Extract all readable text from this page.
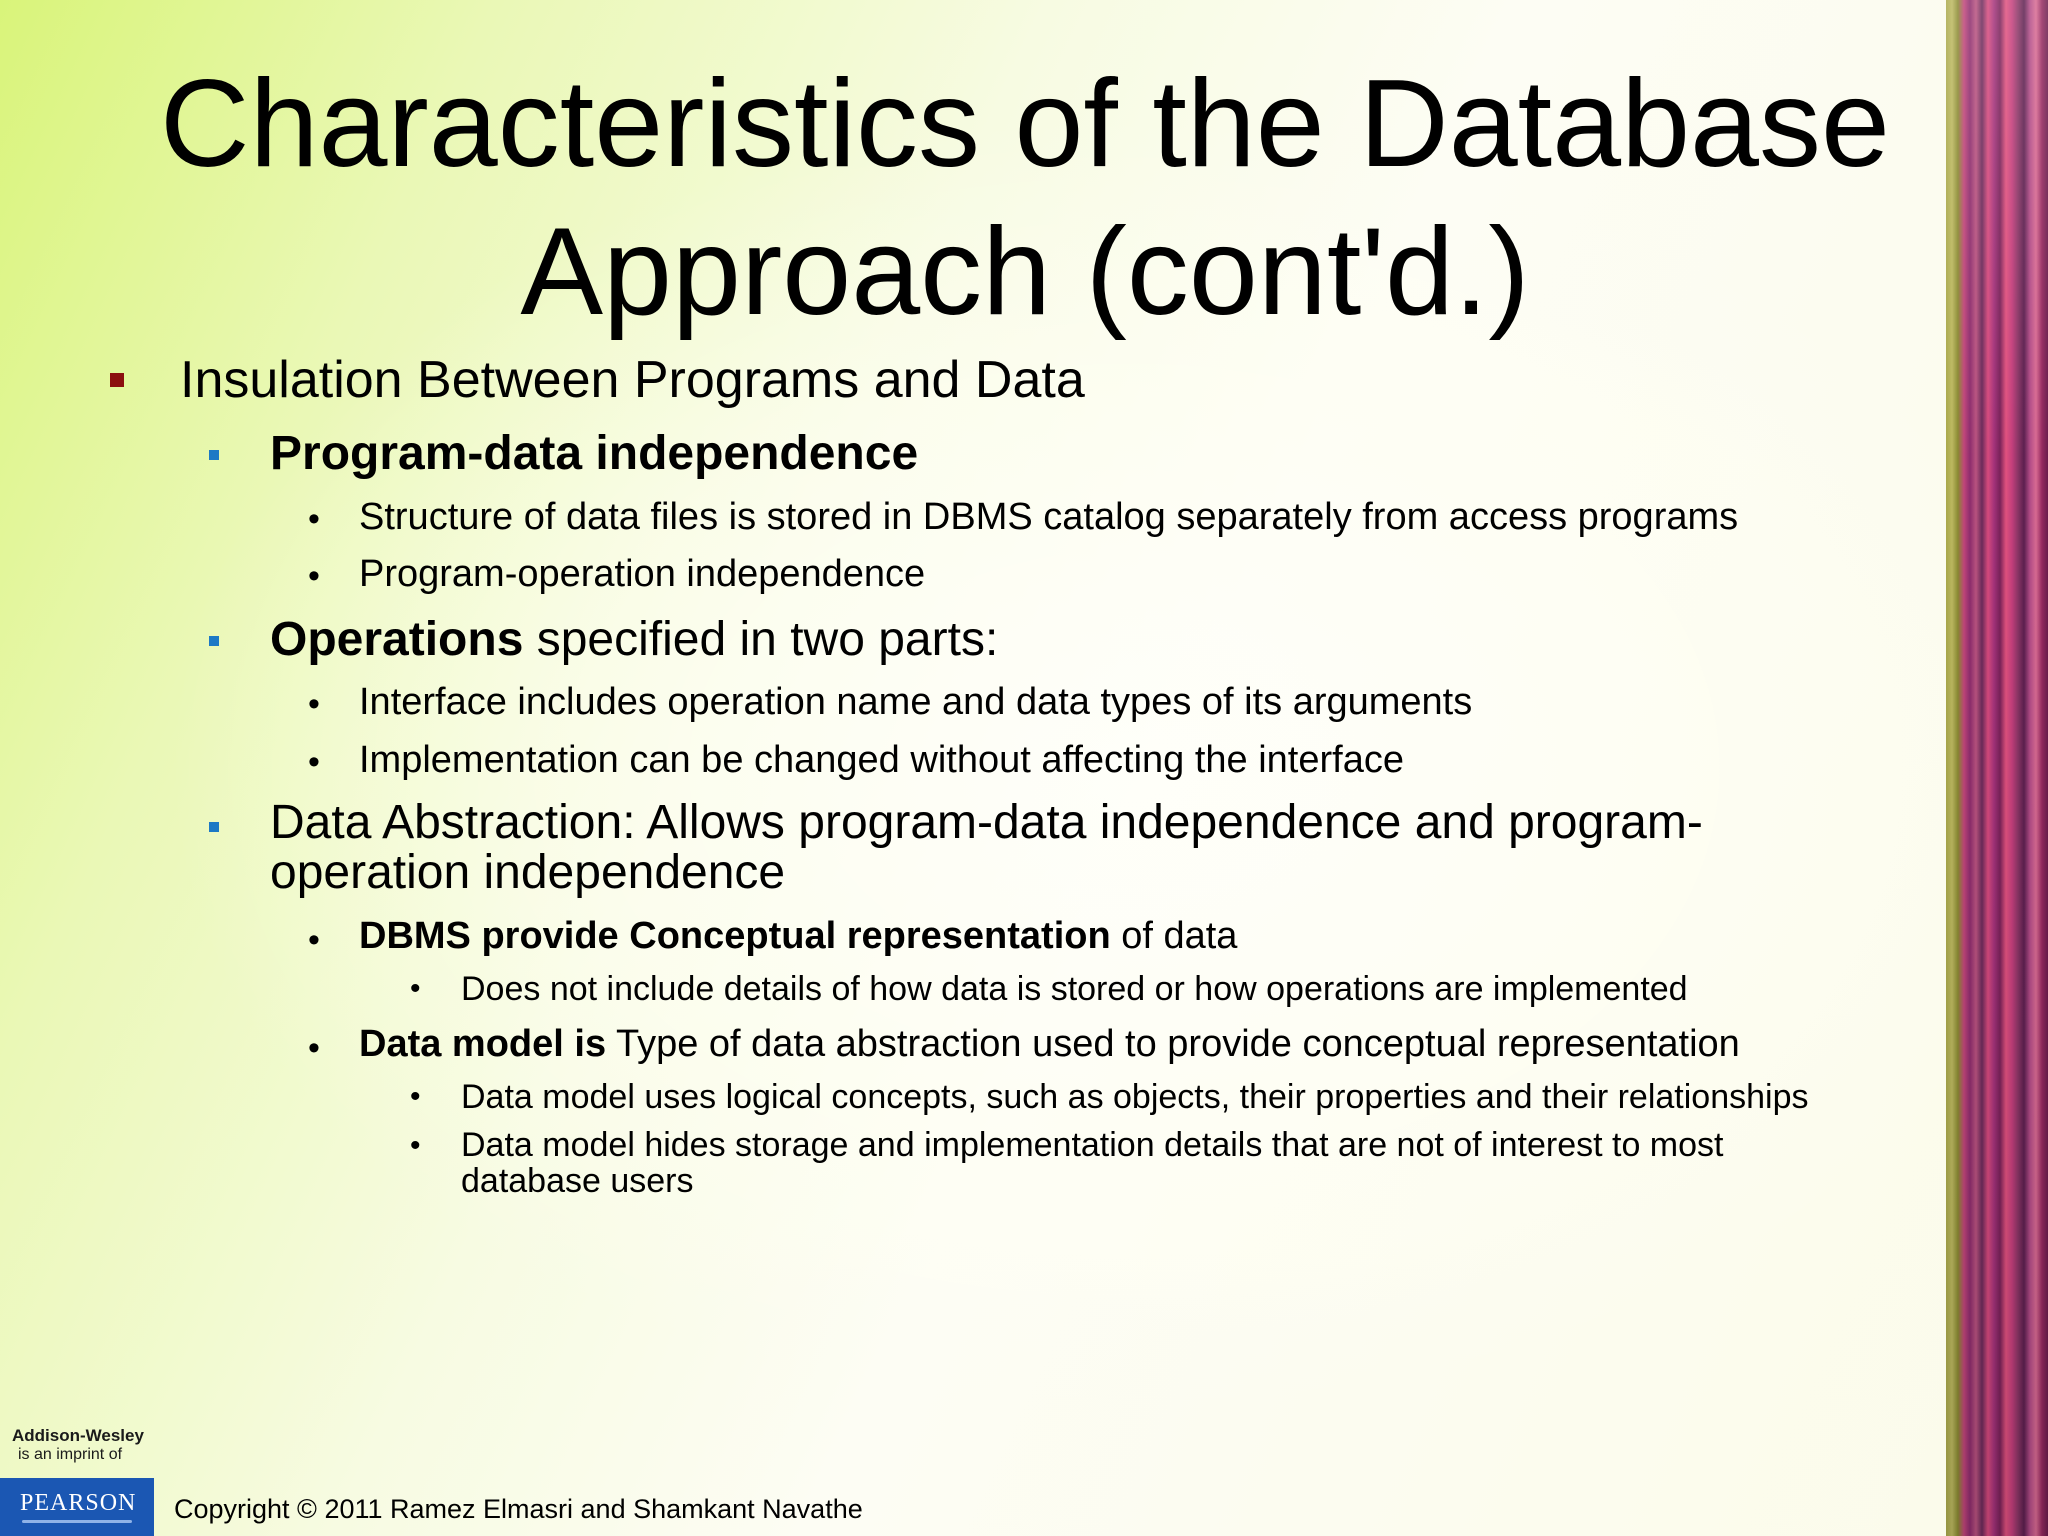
Characteristics of the Database
Approach (cont'd.)
Insulation Between Programs and Data
Program-data independence
• Structure of data files is stored in DBMS catalog separately from access programs
• Program-operation independence
Operations specified in two parts:
• Interface includes operation name and data types of its arguments
• Implementation can be changed without affecting the interface
Data Abstraction: Allows program-data independence and program-
operation independence
• DBMS provide Conceptual representation of data
• Does not include details of how data is stored or how operations are implemented
• Data model is Type of data abstraction used to provide conceptual representation
• Data model uses logical concepts, such as objects, their properties and their relationships
• Data model hides storage and implementation details that are not of interest to most
database users
Addison-Wesley
is an imprint of
PEARSON Copyright © 2011 Ramez Elmasri and Shamkant Navathe
